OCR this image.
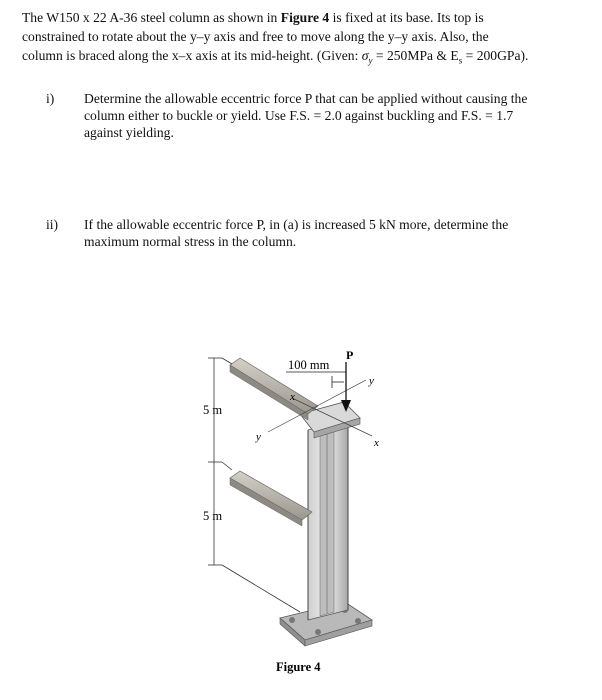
The W150 x 22 A-36 steel column as shown in Figure 4 is fixed at its base. Its top is
constrained to rotate about the y–y axis and free to move along the y–y axis. Also, the
column is braced along the x–x axis at its mid-height. (Given: $\sigma_y = 250MPa$ & $E_s = 200GPa$).
i) Determine the allowable eccentric force P that can be applied without causing the
column either to buckle or yield. Use F.S. = 2.0 against buckling and F.S. = 1.7
against yielding.
ii) If the allowable eccentric force P, in (a) is increased 5 kN more, determine the
maximum normal stress in the column.
100 mm
P
5 m
5 m
y
x
x
y
Figure 4
